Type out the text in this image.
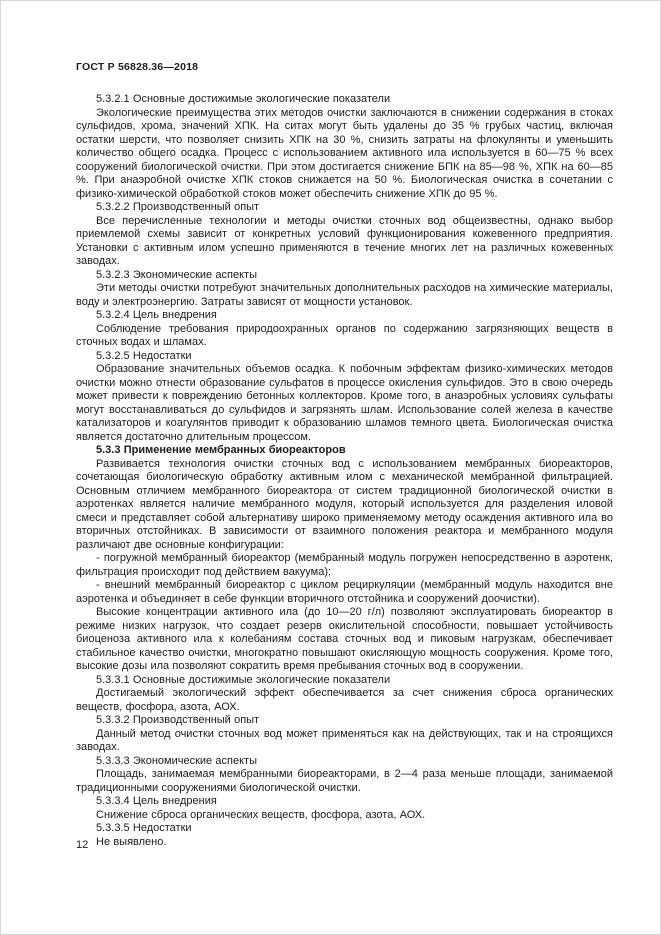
ГОСТ Р 56828.36—2018

5.3.2.1 Основные достижимые экологические показатели

Экологические преимущества этих методов очистки заключаются в снижении содержания в стоках сульфидов, хрома, значений ХПК. На ситах могут быть удалены до 35 % грубых частиц, включая остатки шерсти, что позволяет снизить ХПК на 30 %, снизить затраты на флокулянты и уменьшить количество общего осадка. Процесс с использованием активного ила используется в 60—75 % всех сооружений биологической очистки. При этом достигается снижение БПК на 85—98 %, ХПК на 60—85 %. При анаэробной очистке ХПК стоков снижается на 50 %. Биологическая очистка в сочетании с физико-химической обработкой стоков может обеспечить снижение ХПК до 95 %.

5.3.2.2 Производственный опыт

Все перечисленные технологии и методы очистки сточных вод общеизвестны, однако выбор приемлемой схемы зависит от конкретных условий функционирования кожевенного предприятия. Установки с активным илом успешно применяются в течение многих лет на различных кожевенных заводах.

5.3.2.3 Экономические аспекты

Эти методы очистки потребуют значительных дополнительных расходов на химические материалы, воду и электроэнергию. Затраты зависят от мощности установок.

5.3.2.4 Цель внедрения

Соблюдение требования природоохранных органов по содержанию загрязняющих веществ в сточных водах и шламах.

5.3.2.5 Недостатки

Образование значительных объемов осадка. К побочным эффектам физико-химических методов очистки можно отнести образование сульфатов в процессе окисления сульфидов. Это в свою очередь может привести к повреждению бетонных коллекторов. Кроме того, в анаэробных условиях сульфаты могут восстанавливаться до сульфидов и загрязнять шлам. Использование солей железа в качестве катализаторов и коагулянтов приводит к образованию шламов темного цвета. Биологическая очистка является достаточно длительным процессом.

5.3.3 Применение мембранных биореакторов

Развивается технология очистки сточных вод с использованием мембранных биореакторов, сочетающая биологическую обработку активным илом с механической мембранной фильтрацией. Основным отличием мембранного биореактора от систем традиционной биологической очистки в аэротенках является наличие мембранного модуля, который используется для разделения иловой смеси и представляет собой альтернативу широко применяемому методу осаждения активного ила во вторичных отстойниках. В зависимости от взаимного положения реактора и мембранного модуля различают две основные конфигурации:

- погружной мембранный биореактор (мембранный модуль погружен непосредственно в аэротенк, фильтрация происходит под действием вакуума);

- внешний мембранный биореактор с циклом рециркуляции (мембранный модуль находится вне аэротенка и объединяет в себе функции вторичного отстойника и сооружений доочистки).

Высокие концентрации активного ила (до 10—20 г/л) позволяют эксплуатировать биореактор в режиме низких нагрузок, что создает резерв окислительной способности, повышает устойчивость биоценоза активного ила к колебаниям состава сточных вод и пиковым нагрузкам, обеспечивает стабильное качество очистки, многократно повышают окисляющую мощность сооружения. Кроме того, высокие дозы ила позволяют сократить время пребывания сточных вод в сооружении.

5.3.3.1 Основные достижимые экологические показатели

Достигаемый экологический эффект обеспечивается за счет снижения сброса органических веществ, фосфора, азота, АОХ.

5.3.3.2 Производственный опыт

Данный метод очистки сточных вод может применяться как на действующих, так и на строящихся заводах.

5.3.3.3 Экономические аспекты

Площадь, занимаемая мембранными биореакторами, в 2—4 раза меньше площади, занимаемой традиционными сооружениями биологической очистки.

5.3.3.4 Цель внедрения

Снижение сброса органических веществ, фосфора, азота, АОХ.

5.3.3.5 Недостатки

Не выявлено.

12
